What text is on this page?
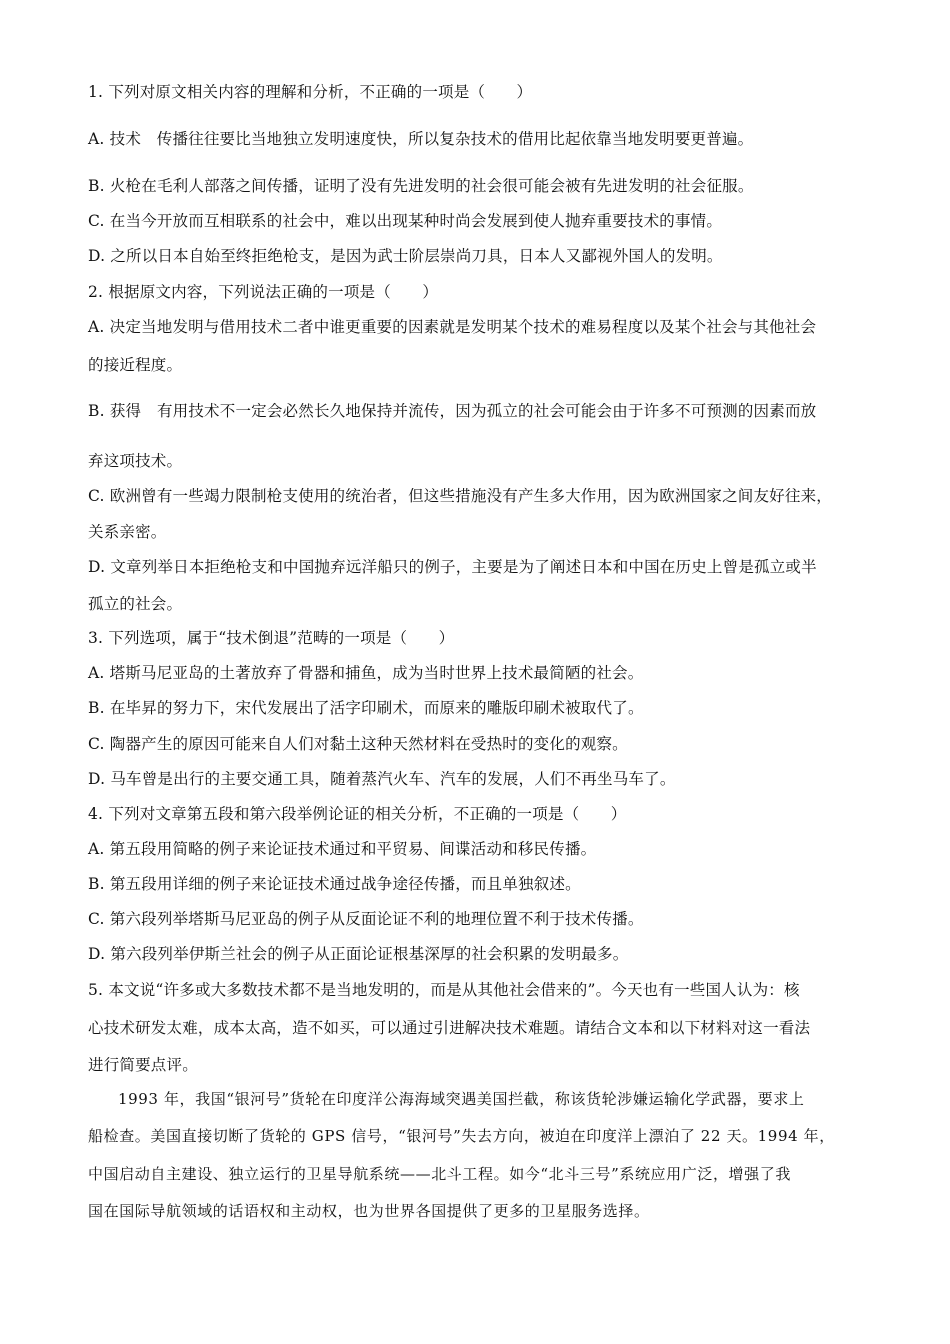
1. 下列对原文相关内容的理解和分析，不正确的一项是（　　）
A. 技术　传播往往要比当地独立发明速度快，所以复杂技术的借用比起依靠当地发明要更普遍。
B. 火枪在毛利人部落之间传播，证明了没有先进发明的社会很可能会被有先进发明的社会征服。
C. 在当今开放而互相联系的社会中，难以出现某种时尚会发展到使人抛弃重要技术的事情。
D. 之所以日本自始至终拒绝枪支，是因为武士阶层崇尚刀具，日本人又鄙视外国人的发明。
2. 根据原文内容，下列说法正确的一项是（　　）
A. 决定当地发明与借用技术二者中谁更重要的因素就是发明某个技术的难易程度以及某个社会与其他社会
的接近程度。
B. 获得　有用技术不一定会必然长久地保持并流传，因为孤立的社会可能会由于许多不可预测的因素而放
弃这项技术。
C. 欧洲曾有一些竭力限制枪支使用的统治者，但这些措施没有产生多大作用，因为欧洲国家之间友好往来，
关系亲密。
D. 文章列举日本拒绝枪支和中国抛弃远洋船只的例子，主要是为了阐述日本和中国在历史上曾是孤立或半
孤立的社会。
3. 下列选项，属于“技术倒退”范畴的一项是（　　）
A. 塔斯马尼亚岛的土著放弃了骨器和捕鱼，成为当时世界上技术最简陋的社会。
B. 在毕昇的努力下，宋代发展出了活字印刷术，而原来的雕版印刷术被取代了。
C. 陶器产生的原因可能来自人们对黏土这种天然材料在受热时的变化的观察。
D. 马车曾是出行的主要交通工具，随着蒸汽火车、汽车的发展，人们不再坐马车了。
4. 下列对文章第五段和第六段举例论证的相关分析，不正确的一项是（　　）
A. 第五段用简略的例子来论证技术通过和平贸易、间谍活动和移民传播。
B. 第五段用详细的例子来论证技术通过战争途径传播，而且单独叙述。
C. 第六段列举塔斯马尼亚岛的例子从反面论证不利的地理位置不利于技术传播。
D. 第六段列举伊斯兰社会的例子从正面论证根基深厚的社会积累的发明最多。
5. 本文说“许多或大多数技术都不是当地发明的，而是从其他社会借来的”。今天也有一些国人认为：核
心技术研发太难，成本太高，造不如买，可以通过引进解决技术难题。请结合文本和以下材料对这一看法
进行简要点评。
1993 年，我国“银河号”货轮在印度洋公海海域突遇美国拦截，称该货轮涉嫌运输化学武器，要求上
船检查。美国直接切断了货轮的 GPS 信号，“银河号”失去方向，被迫在印度洋上漂泊了 22 天。1994 年，
中国启动自主建设、独立运行的卫星导航系统——北斗工程。如今“北斗三号”系统应用广泛，增强了我
国在国际导航领域的话语权和主动权，也为世界各国提供了更多的卫星服务选择。
